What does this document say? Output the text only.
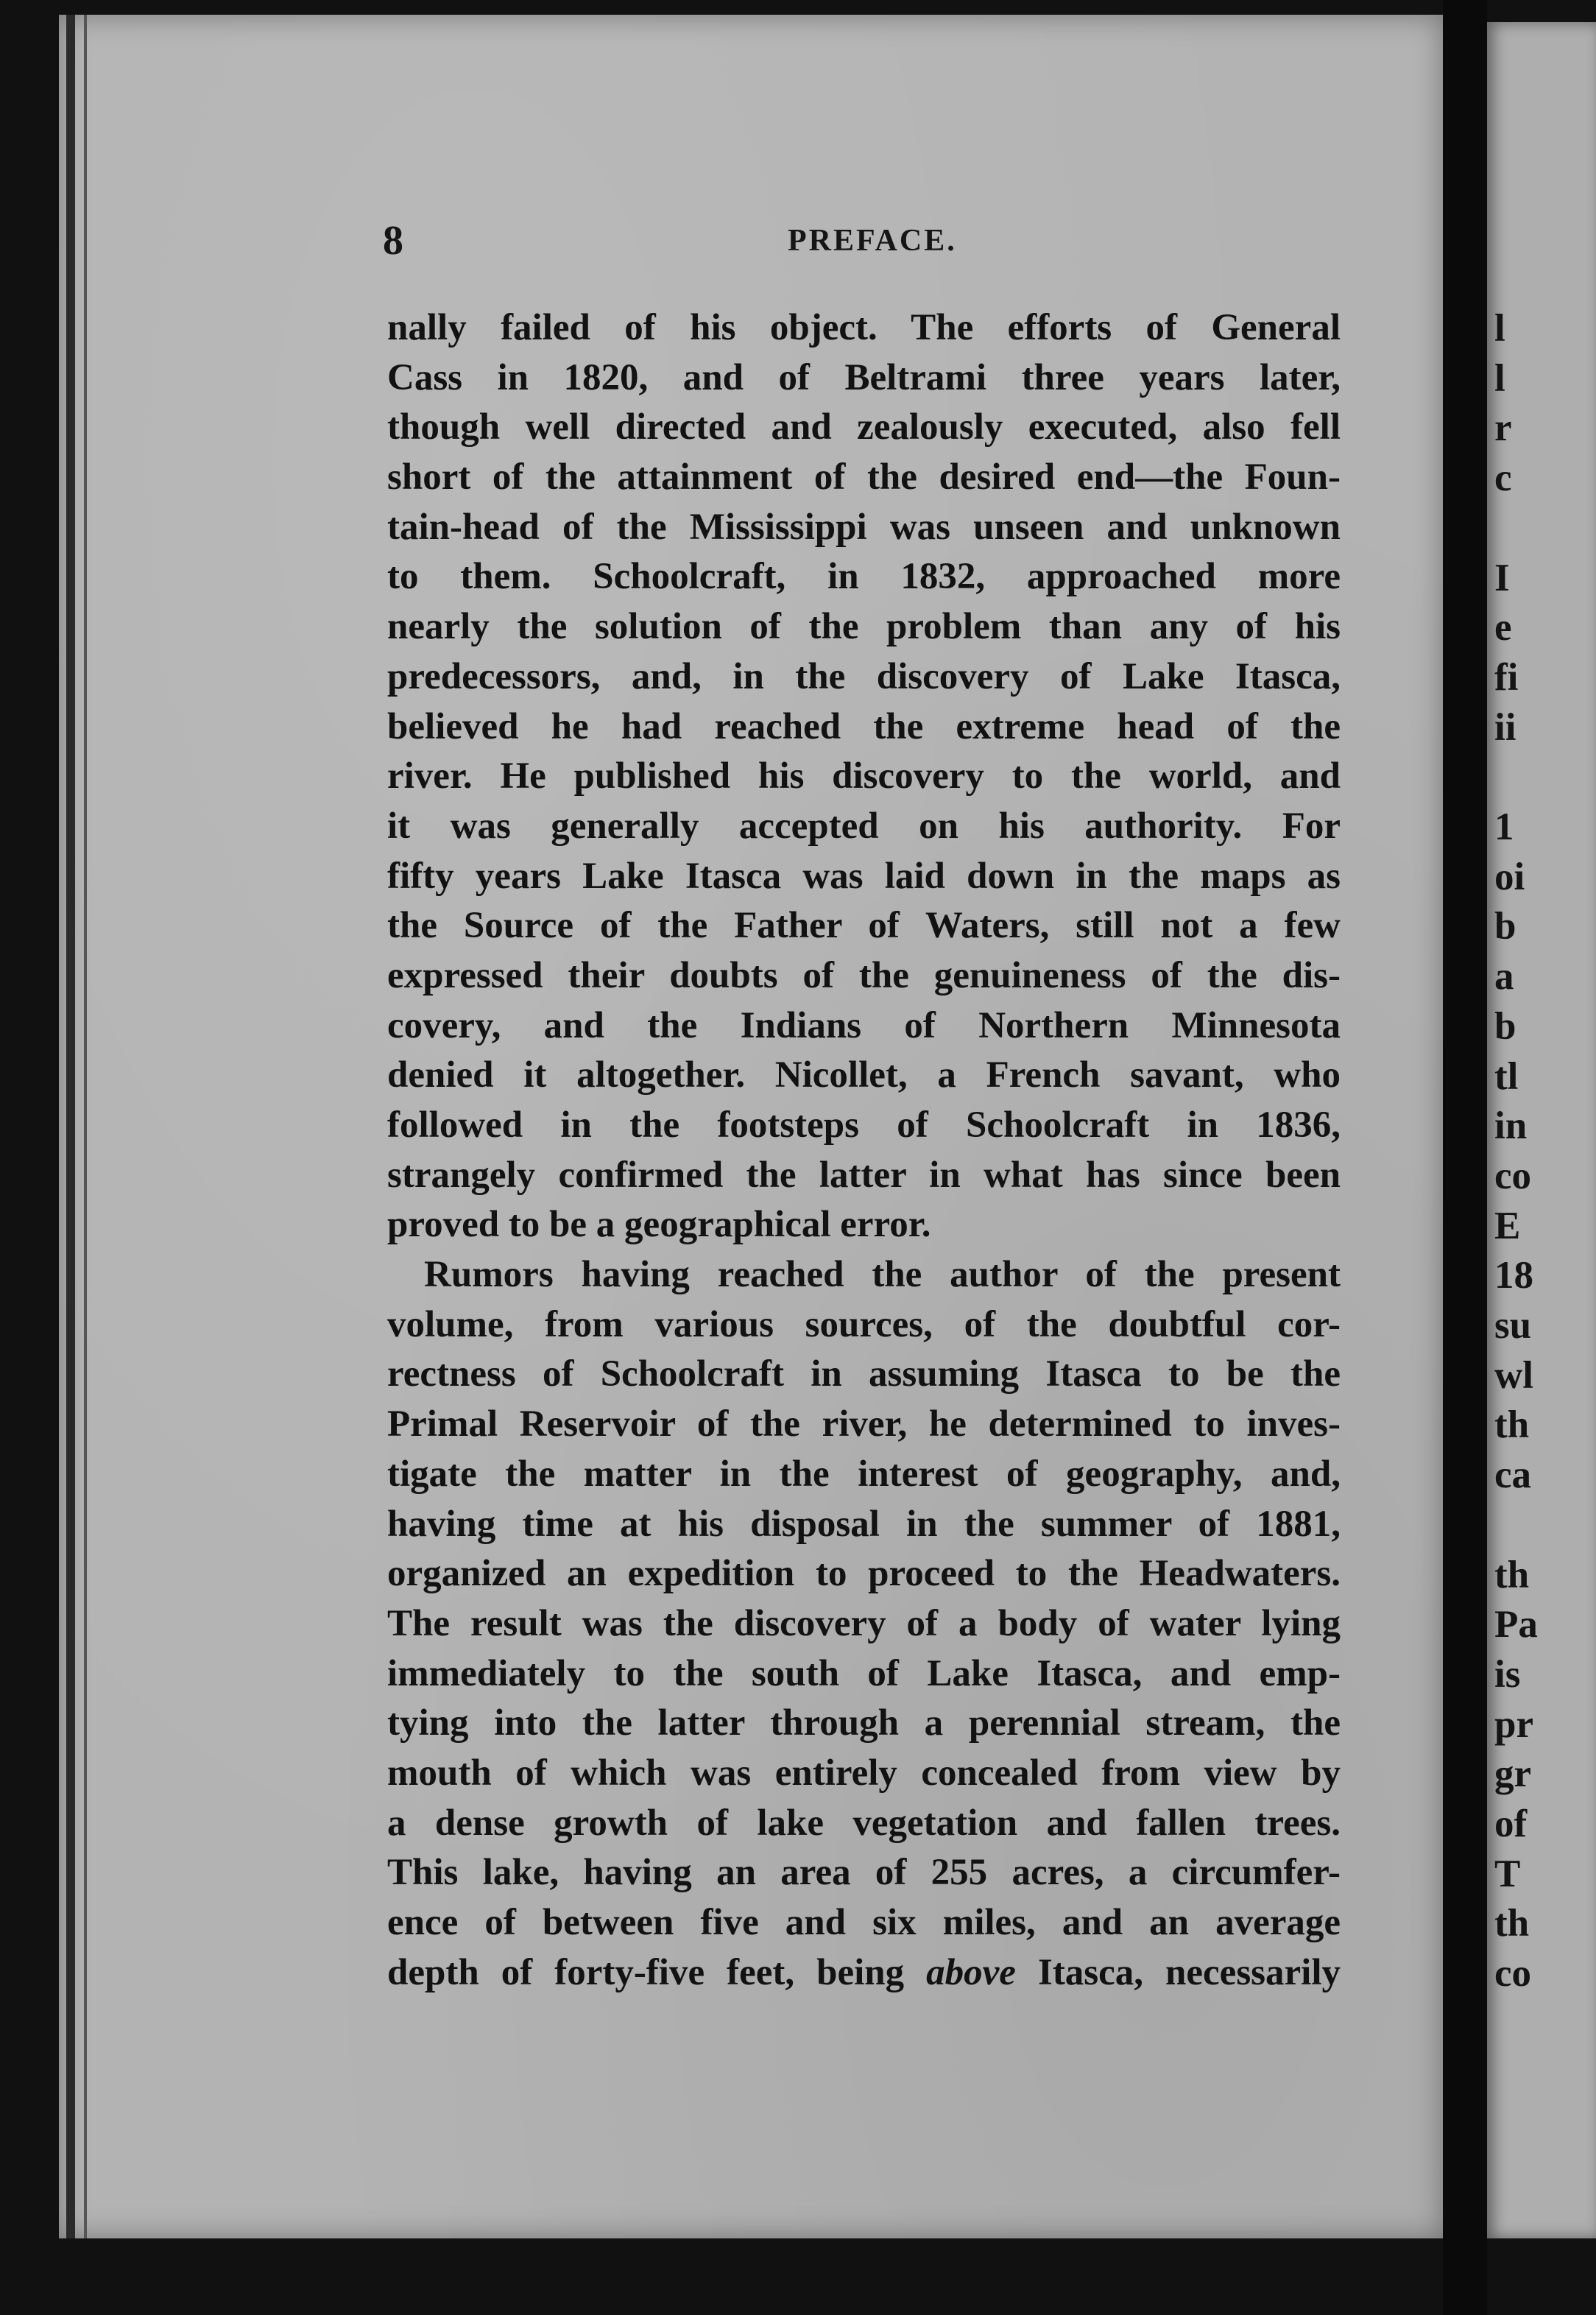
l
l
r
c
I
e
fi
ii
1
oi
b
a
b
tl
in
co
E
18
su
wl
th
ca
th
Pa
is
pr
gr
of
T
th
co
8	PREFACE.
nally failed of his object. The efforts of General
Cass in 1820, and of Beltrami three years later,
though well directed and zealously executed, also fell
short of the attainment of the desired end—the Foun-
tain-head of the Mississippi was unseen and unknown
to them. Schoolcraft, in 1832, approached more
nearly the solution of the problem than any of his
predecessors, and, in the discovery of Lake Itasca,
believed he had reached the extreme head of the
river. He published his discovery to the world, and
it was generally accepted on his authority. For
fifty years Lake Itasca was laid down in the maps as
the Source of the Father of Waters, still not a few
expressed their doubts of the genuineness of the dis-
covery, and the Indians of Northern Minnesota
denied it altogether. Nicollet, a French savant, who
followed in the footsteps of Schoolcraft in 1836,
strangely confirmed the latter in what has since been
proved to be a geographical error.
Rumors having reached the author of the present
volume, from various sources, of the doubtful cor-
rectness of Schoolcraft in assuming Itasca to be the
Primal Reservoir of the river, he determined to inves-
tigate the matter in the interest of geography, and,
having time at his disposal in the summer of 1881,
organized an expedition to proceed to the Headwaters.
The result was the discovery of a body of water lying
immediately to the south of Lake Itasca, and emp-
tying into the latter through a perennial stream, the
mouth of which was entirely concealed from view by
a dense growth of lake vegetation and fallen trees.
This lake, having an area of 255 acres, a circumfer-
ence of between five and six miles, and an average
depth of forty-five feet, being above Itasca, necessarily
